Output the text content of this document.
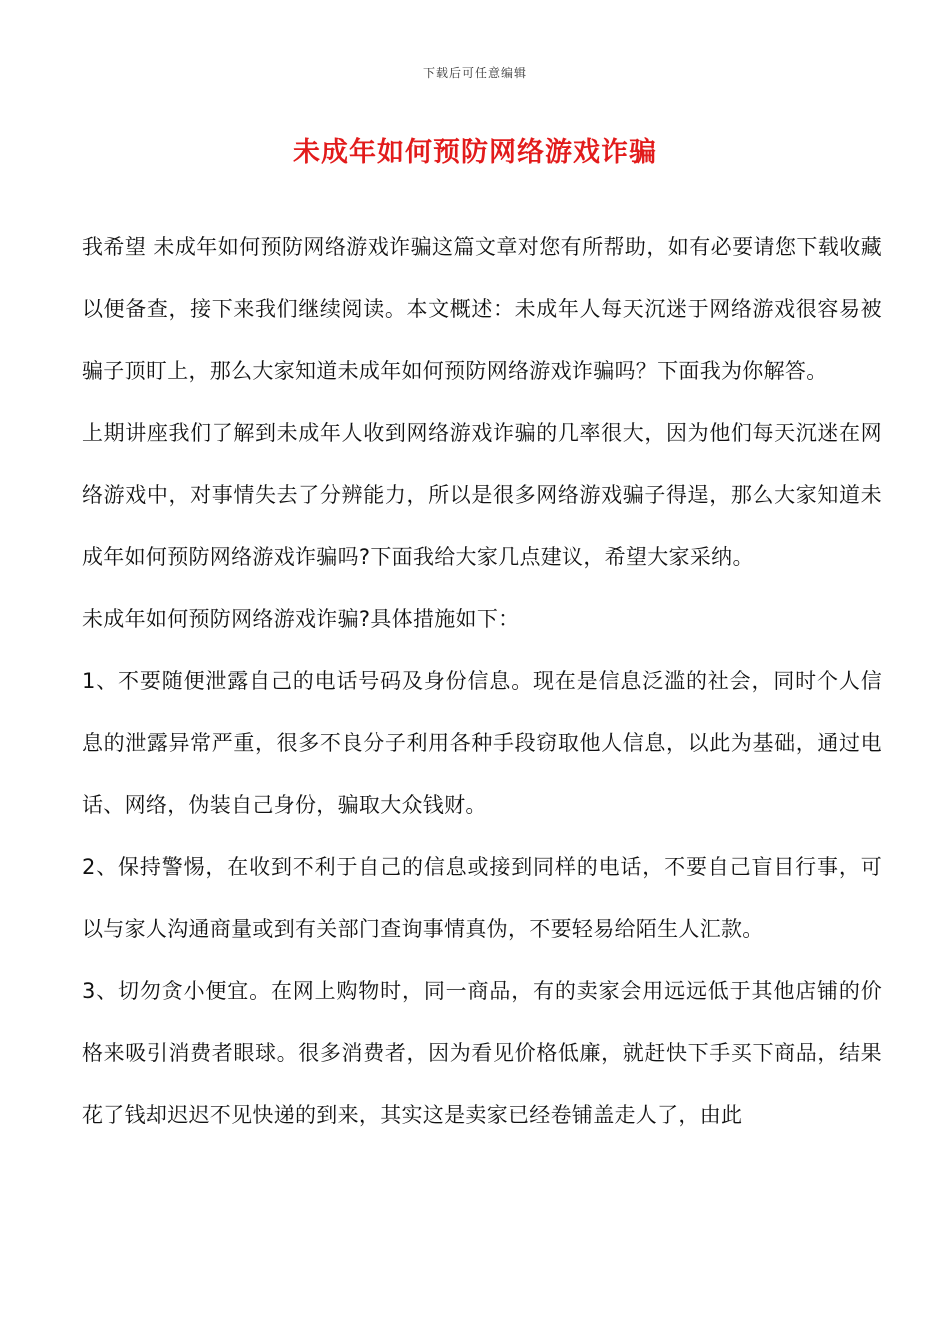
下载后可任意编辑
未成年如何预防网络游戏诈骗

我希望 未成年如何预防网络游戏诈骗这篇文章对您有所帮助，如有必要请您下载收藏以便备查，接下来我们继续阅读。本文概述：未成年人每天沉迷于网络游戏很容易被骗子顶盯上，那么大家知道未成年如何预防网络游戏诈骗吗？下面我为你解答。

上期讲座我们了解到未成年人收到网络游戏诈骗的几率很大，因为他们每天沉迷在网络游戏中，对事情失去了分辨能力，所以是很多网络游戏骗子得逞，那么大家知道未成年如何预防网络游戏诈骗吗?下面我给大家几点建议，希望大家采纳。

未成年如何预防网络游戏诈骗?具体措施如下：

1、不要随便泄露自己的电话号码及身份信息。现在是信息泛滥的社会，同时个人信息的泄露异常严重，很多不良分子利用各种手段窃取他人信息，以此为基础，通过电话、网络，伪装自己身份，骗取大众钱财。

2、保持警惕，在收到不利于自己的信息或接到同样的电话，不要自己盲目行事，可以与家人沟通商量或到有关部门查询事情真伪，不要轻易给陌生人汇款。

3、切勿贪小便宜。在网上购物时，同一商品，有的卖家会用远远低于其他店铺的价格来吸引消费者眼球。很多消费者，因为看见价格低廉，就赶快下手买下商品，结果花了钱却迟迟不见快递的到来，其实这是卖家已经卷铺盖走人了，由此
